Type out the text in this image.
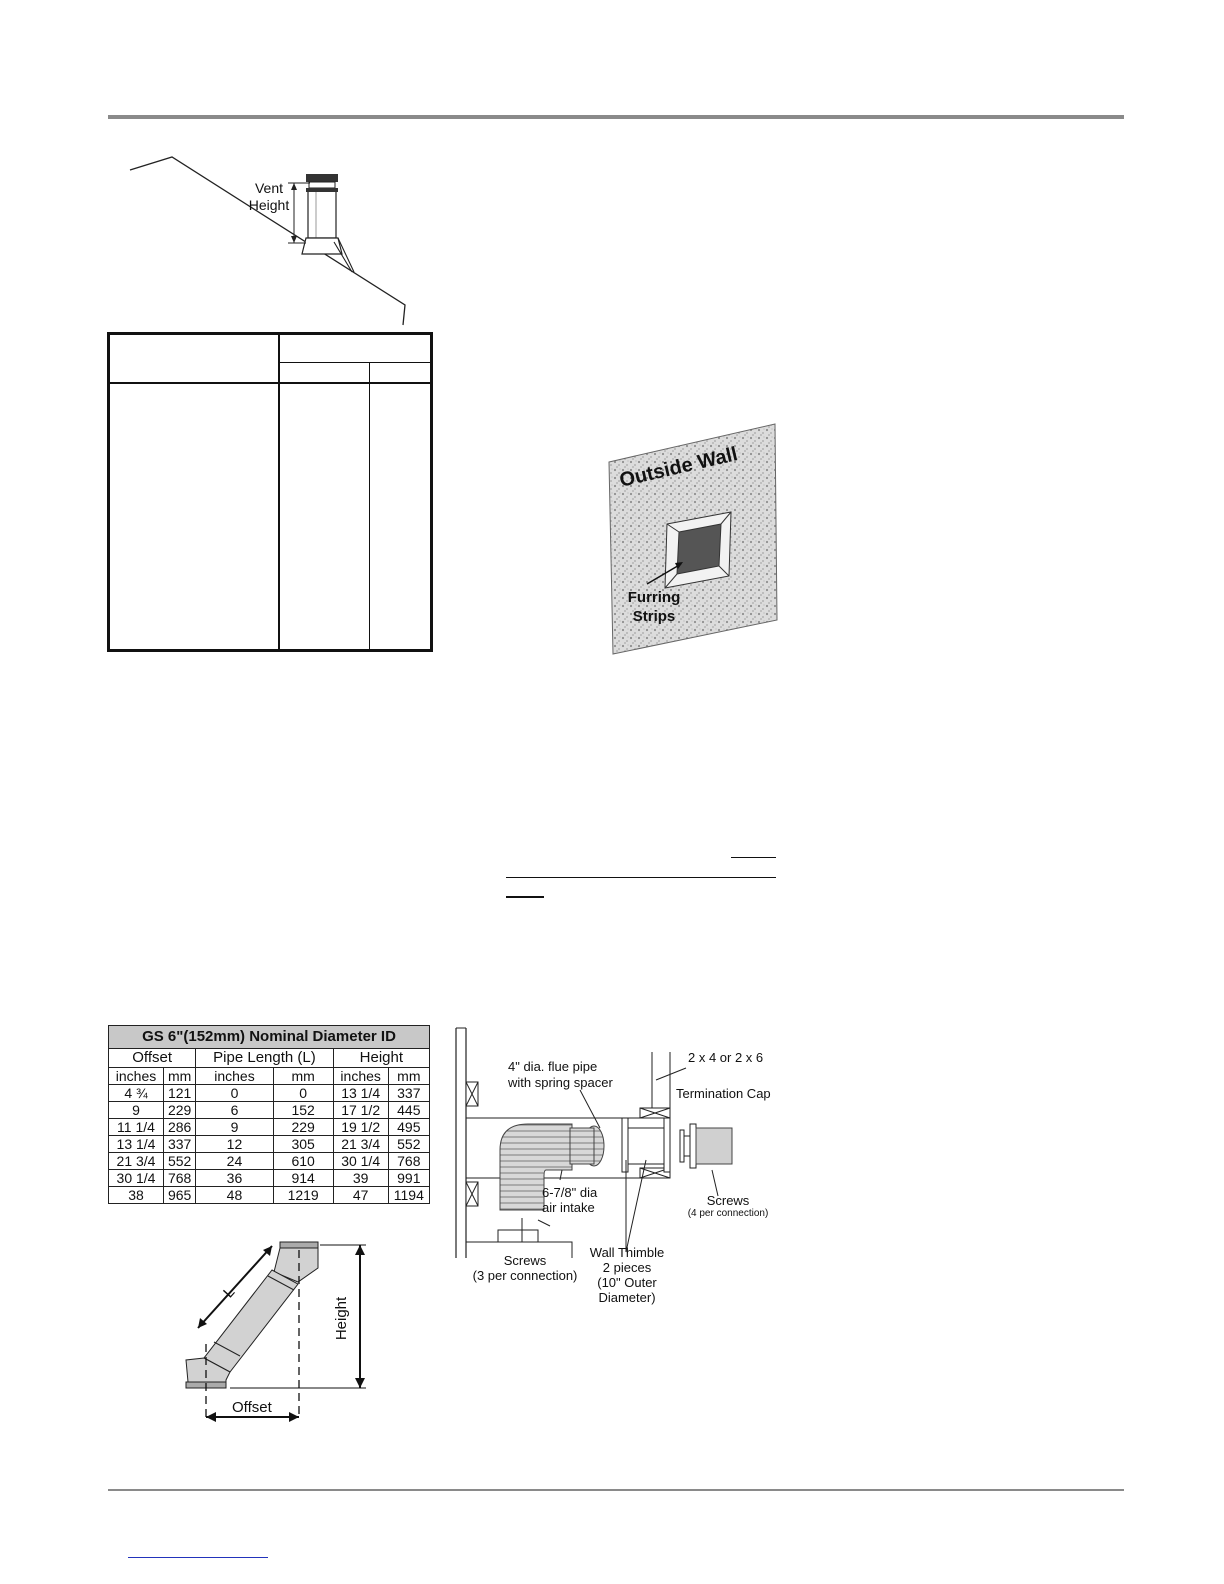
Vent
Height
Outside Wall
Furring
Strips
GS 6"(152mm) Nominal Diameter ID					
Offset		Pipe Length (L)		Height	
inches	mm	inches	mm	inches	mm
4 ¾	121	0	0	13 1/4	337
9	229	6	152	17 1/2	445
11 1/4	286	9	229	19 1/2	495
13 1/4	337	12	305	21 3/4	552
21 3/4	552	24	610	30 1/4	768
30 1/4	768	36	914	39	991
38	965	48	1219	47	1194
L
Height
Offset
4" dia. flue pipe
with spring spacer
2 x 4 or 2 x 6
Termination Cap
6-7/8" dia
air intake	Screws
(4 per connection)
Screws
(3 per connection)
Wall Thimble
2 pieces
(10" Outer
Diameter)
